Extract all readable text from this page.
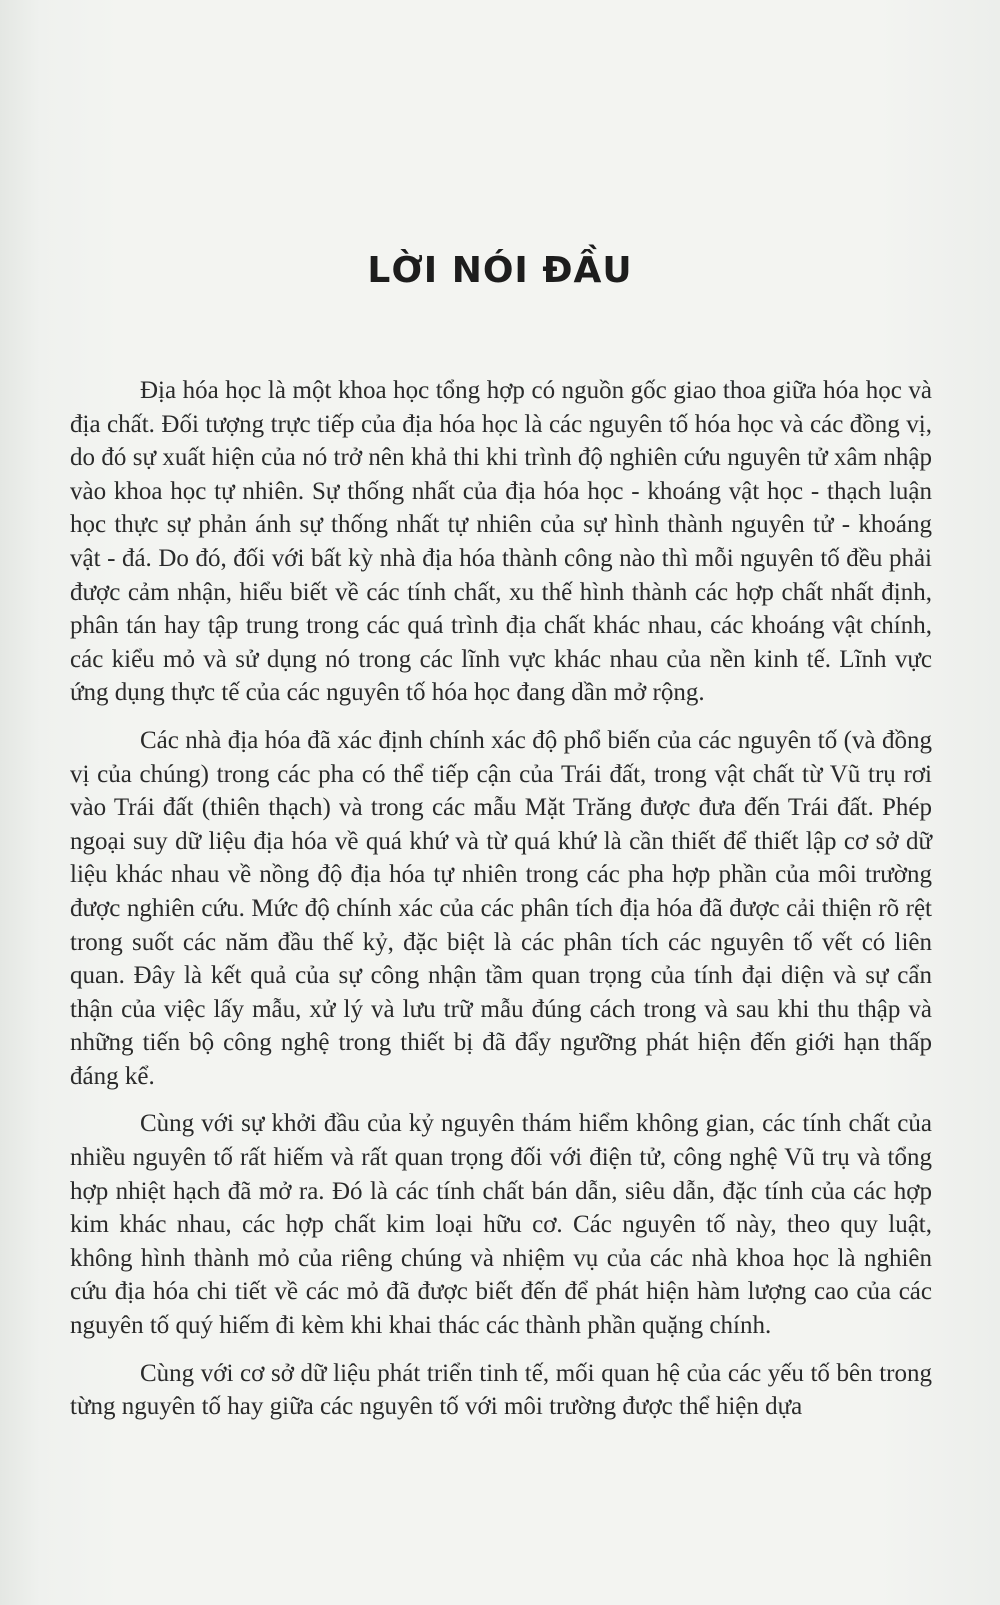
LỜI NÓI ĐẦU

Địa hóa học là một khoa học tổng hợp có nguồn gốc giao thoa giữa hóa học và địa chất. Đối tượng trực tiếp của địa hóa học là các nguyên tố hóa học và các đồng vị, do đó sự xuất hiện của nó trở nên khả thi khi trình độ nghiên cứu nguyên tử xâm nhập vào khoa học tự nhiên. Sự thống nhất của địa hóa học - khoáng vật học - thạch luận học thực sự phản ánh sự thống nhất tự nhiên của sự hình thành nguyên tử - khoáng vật - đá. Do đó, đối với bất kỳ nhà địa hóa thành công nào thì mỗi nguyên tố đều phải được cảm nhận, hiểu biết về các tính chất, xu thế hình thành các hợp chất nhất định, phân tán hay tập trung trong các quá trình địa chất khác nhau, các khoáng vật chính, các kiểu mỏ và sử dụng nó trong các lĩnh vực khác nhau của nền kinh tế. Lĩnh vực ứng dụng thực tế của các nguyên tố hóa học đang dần mở rộng.

Các nhà địa hóa đã xác định chính xác độ phổ biến của các nguyên tố (và đồng vị của chúng) trong các pha có thể tiếp cận của Trái đất, trong vật chất từ Vũ trụ rơi vào Trái đất (thiên thạch) và trong các mẫu Mặt Trăng được đưa đến Trái đất. Phép ngoại suy dữ liệu địa hóa về quá khứ và từ quá khứ là cần thiết để thiết lập cơ sở dữ liệu khác nhau về nồng độ địa hóa tự nhiên trong các pha hợp phần của môi trường được nghiên cứu. Mức độ chính xác của các phân tích địa hóa đã được cải thiện rõ rệt trong suốt các năm đầu thế kỷ, đặc biệt là các phân tích các nguyên tố vết có liên quan. Đây là kết quả của sự công nhận tầm quan trọng của tính đại diện và sự cẩn thận của việc lấy mẫu, xử lý và lưu trữ mẫu đúng cách trong và sau khi thu thập và những tiến bộ công nghệ trong thiết bị đã đẩy ngưỡng phát hiện đến giới hạn thấp đáng kể.

Cùng với sự khởi đầu của kỷ nguyên thám hiểm không gian, các tính chất của nhiều nguyên tố rất hiếm và rất quan trọng đối với điện tử, công nghệ Vũ trụ và tổng hợp nhiệt hạch đã mở ra. Đó là các tính chất bán dẫn, siêu dẫn, đặc tính của các hợp kim khác nhau, các hợp chất kim loại hữu cơ. Các nguyên tố này, theo quy luật, không hình thành mỏ của riêng chúng và nhiệm vụ của các nhà khoa học là nghiên cứu địa hóa chi tiết về các mỏ đã được biết đến để phát hiện hàm lượng cao của các nguyên tố quý hiếm đi kèm khi khai thác các thành phần quặng chính.

Cùng với cơ sở dữ liệu phát triển tinh tế, mối quan hệ của các yếu tố bên trong từng nguyên tố hay giữa các nguyên tố với môi trường được thể hiện dựa
